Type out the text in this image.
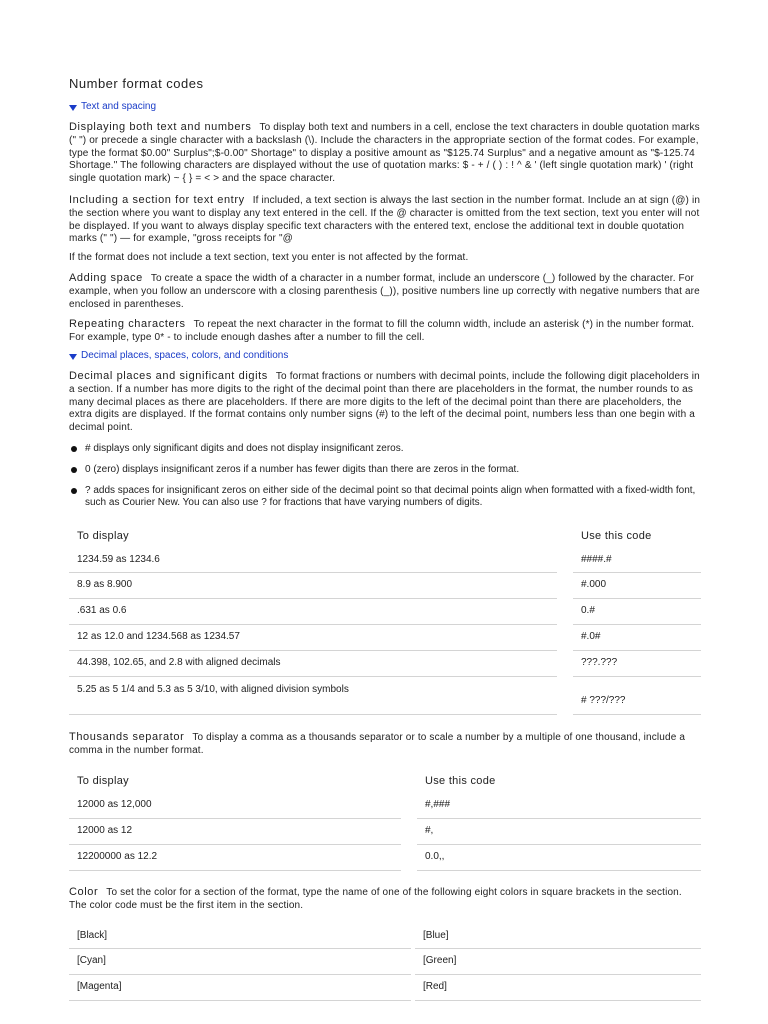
Number format codes
Text and spacing
Displaying both text and numbers To display both text and numbers in a cell, enclose the text characters in double quotation marks (" ") or precede a single character with a backslash (\). Include the characters in the appropriate section of the format codes. For example, type the format $0.00" Surplus";$-0.00" Shortage" to display a positive amount as "$125.74 Surplus" and a negative amount as "$-125.74 Shortage." The following characters are displayed without the use of quotation marks: $ - + / ( ) : ! ^ & ' (left single quotation mark) ' (right single quotation mark) ~ { } = < > and the space character.
Including a section for text entry If included, a text section is always the last section in the number format. Include an at sign (@) in the section where you want to display any text entered in the cell. If the @ character is omitted from the text section, text you enter will not be displayed. If you want to always display specific text characters with the entered text, enclose the additional text in double quotation marks (" ") — for example, "gross receipts for "@
If the format does not include a text section, text you enter is not affected by the format.
Adding space To create a space the width of a character in a number format, include an underscore (_) followed by the character. For example, when you follow an underscore with a closing parenthesis (_)), positive numbers line up correctly with negative numbers that are enclosed in parentheses.
Repeating characters To repeat the next character in the format to fill the column width, include an asterisk (*) in the number format. For example, type 0* - to include enough dashes after a number to fill the cell.
Decimal places, spaces, colors, and conditions
Decimal places and significant digits To format fractions or numbers with decimal points, include the following digit placeholders in a section. If a number has more digits to the right of the decimal point than there are placeholders in the format, the number rounds to as many decimal places as there are placeholders. If there are more digits to the left of the decimal point than there are placeholders, the extra digits are displayed. If the format contains only number signs (#) to the left of the decimal point, numbers less than one begin with a decimal point.
# displays only significant digits and does not display insignificant zeros.
0 (zero) displays insignificant zeros if a number has fewer digits than there are zeros in the format.
? adds spaces for insignificant zeros on either side of the decimal point so that decimal points align when formatted with a fixed-width font, such as Courier New. You can also use ? for fractions that have varying numbers of digits.
To display		Use this code
1234.59 as 1234.6		####.#
8.9 as 8.900		#.000
.631 as 0.6		0.#
12 as 12.0 and 1234.568 as 1234.57		#.0#
44.398, 102.65, and 2.8 with aligned decimals		???.???
5.25 as 5 1/4 and 5.3 as 5 3/10, with aligned division symbols		# ???/???
Thousands separator To display a comma as a thousands separator or to scale a number by a multiple of one thousand, include a comma in the number format.
To display		Use this code
12000 as 12,000		#,###
12000 as 12		#,
12200000 as 12.2		0.0,,
Color To set the color for a section of the format, type the name of one of the following eight colors in square brackets in the section. The color code must be the first item in the section.
[Black]		[Blue]
[Cyan]		[Green]
[Magenta]		[Red]
